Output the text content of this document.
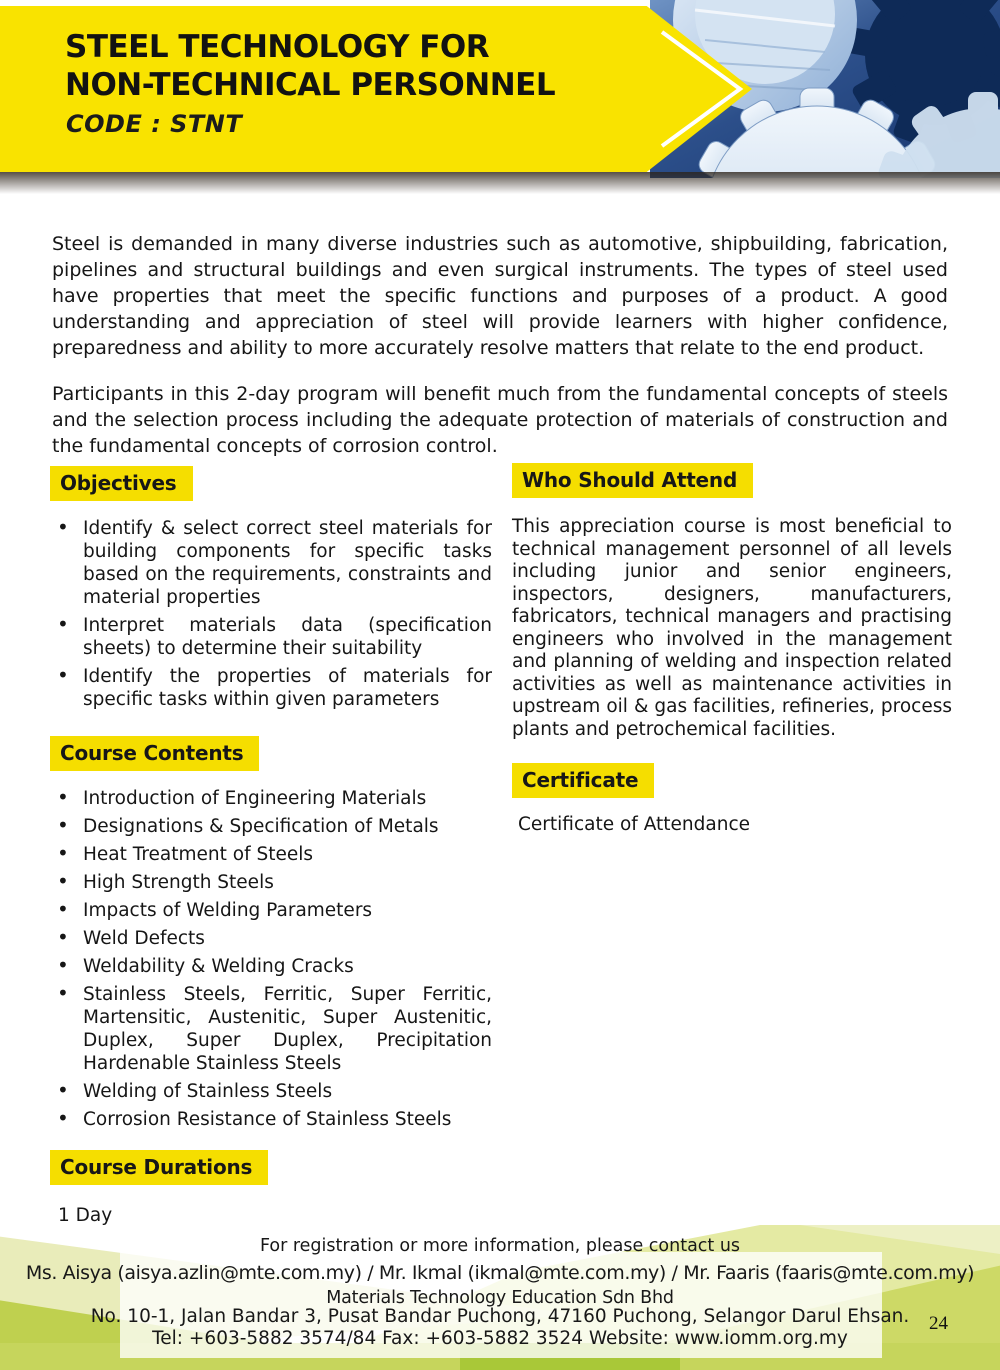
STEEL TECHNOLOGY FOR
NON-TECHNICAL PERSONNEL
CODE : STNT

Steel is demanded in many diverse industries such as automotive, shipbuilding, fabrication, pipelines and structural buildings and even surgical instruments. The types of steel used have properties that meet the specific functions and purposes of a product. A good understanding and appreciation of steel will provide learners with higher confidence, preparedness and ability to more accurately resolve matters that relate to the end product.

Participants in this 2-day program will benefit much from the fundamental concepts of steels and the selection process including the adequate protection of materials of construction and the fundamental concepts of corrosion control.

Objectives
• Identify & select correct steel materials for building components for specific tasks based on the requirements, constraints and material properties
• Interpret materials data (specification sheets) to determine their suitability
• Identify the properties of materials for specific tasks within given parameters
Course Contents
• Introduction of Engineering Materials
• Designations & Specification of Metals
• Heat Treatment of Steels
• High Strength Steels
• Impacts of Welding Parameters
• Weld Defects
• Weldability & Welding Cracks
• Stainless Steels, Ferritic, Super Ferritic, Martensitic, Austenitic, Super Austenitic, Duplex, Super Duplex, Precipitation Hardenable Stainless Steels
• Welding of Stainless Steels
• Corrosion Resistance of Stainless Steels
Course Durations

1 Day

Who Should Attend

This appreciation course is most beneficial to technical management personnel of all levels including junior and senior engineers, inspectors, designers, manufacturers, fabricators, technical managers and practising engineers who involved in the management and planning of welding and inspection related activities as well as maintenance activities in upstream oil & gas facilities, refineries, process plants and petrochemical facilities.

Certificate

Certificate of Attendance

For registration or more information, please contact us
Ms. Aisya (aisya.azlin@mte.com.my) / Mr. Ikmal (ikmal@mte.com.my) / Mr. Faaris (faaris@mte.com.my)
Materials Technology Education Sdn Bhd
No. 10-1, Jalan Bandar 3, Pusat Bandar Puchong, 47160 Puchong, Selangor Darul Ehsan.
Tel: +603-5882 3574/84 Fax: +603-5882 3524 Website: www.iomm.org.my
24
